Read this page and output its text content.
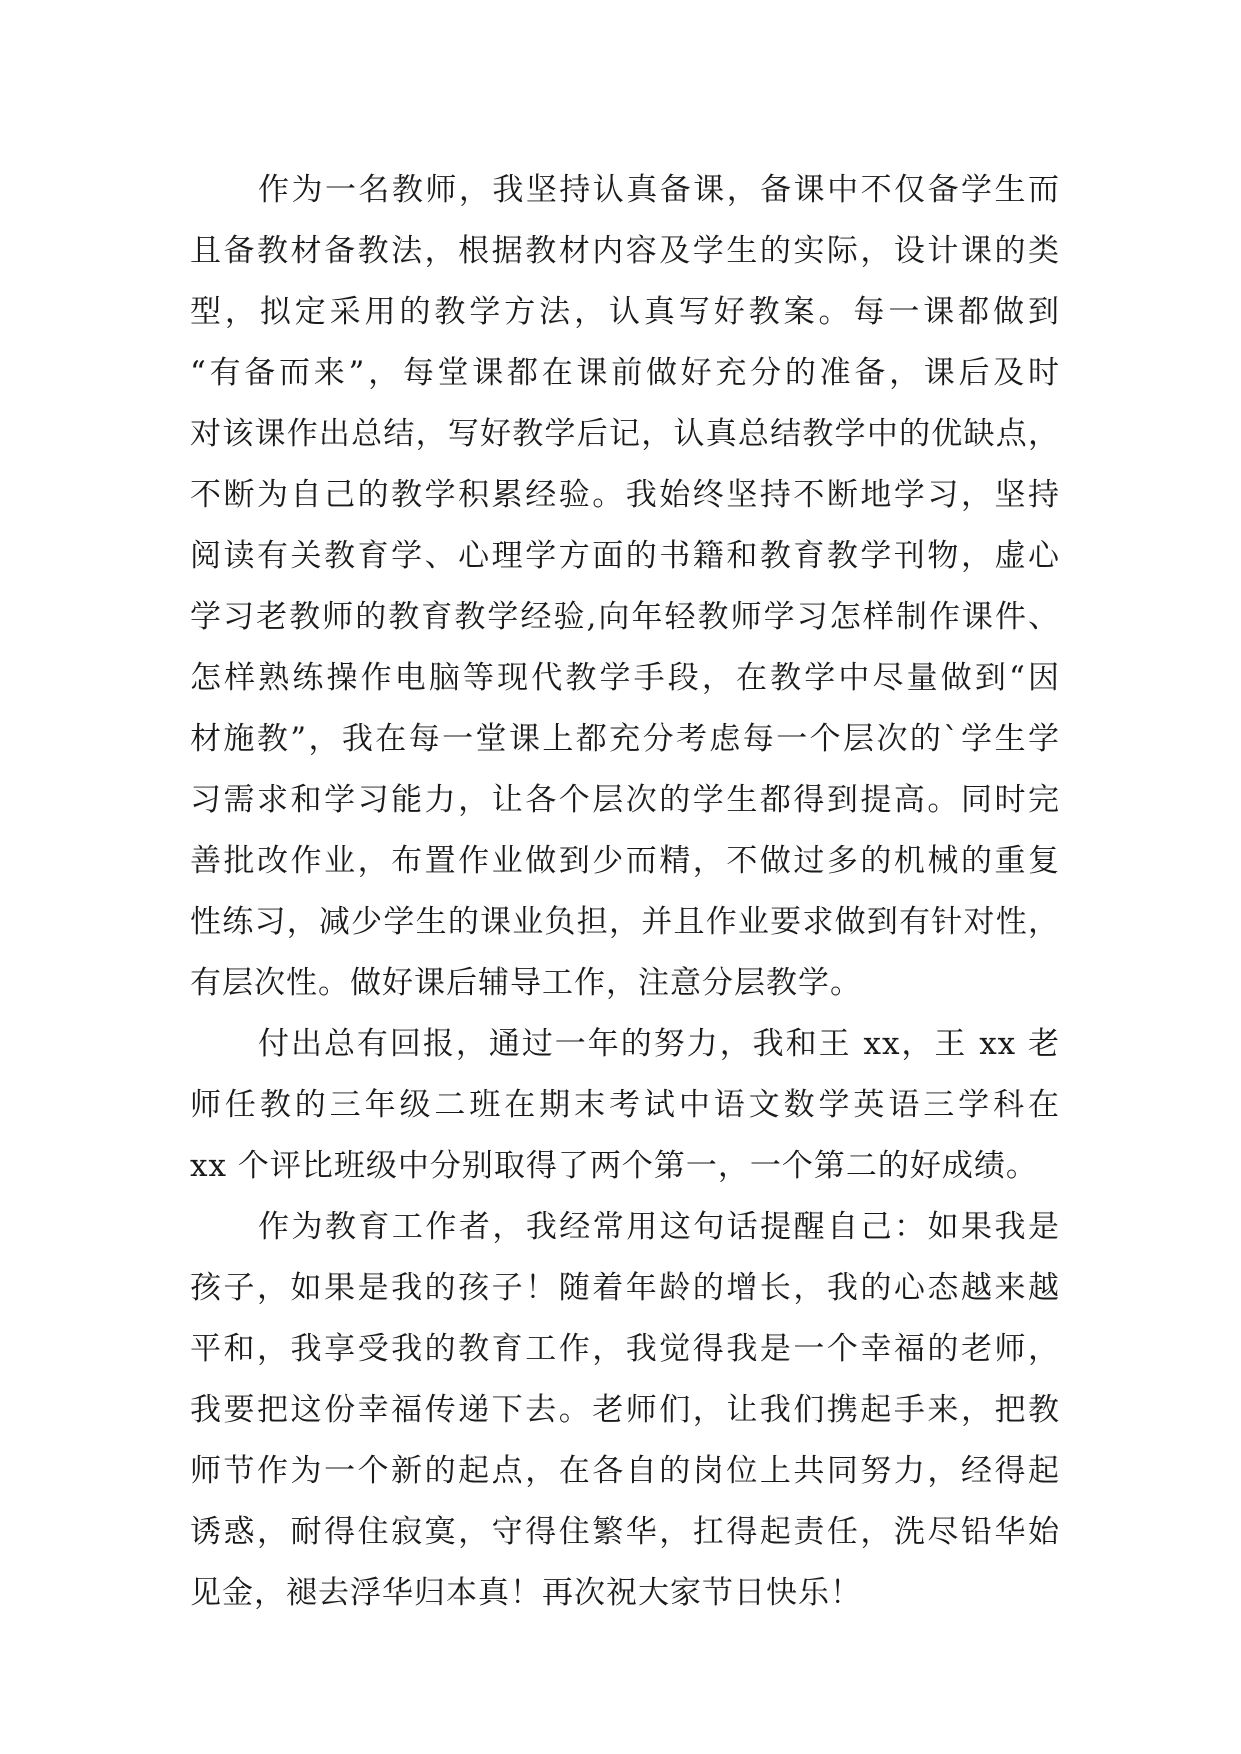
作为一名教师，我坚持认真备课，备课中不仅备学生而
且备教材备教法，根据教材内容及学生的实际，设计课的类
型，拟定采用的教学方法，认真写好教案。每一课都做到
“有备而来”，每堂课都在课前做好充分的准备，课后及时
对该课作出总结，写好教学后记，认真总结教学中的优缺点，
不断为自己的教学积累经验。我始终坚持不断地学习，坚持
阅读有关教育学、心理学方面的书籍和教育教学刊物，虚心
学习老教师的教育教学经验,向年轻教师学习怎样制作课件、
怎样熟练操作电脑等现代教学手段，在教学中尽量做到“因
材施教”，我在每一堂课上都充分考虑每一个层次的`学生学
习需求和学习能力，让各个层次的学生都得到提高。同时完
善批改作业，布置作业做到少而精，不做过多的机械的重复
性练习，减少学生的课业负担，并且作业要求做到有针对性，
有层次性。做好课后辅导工作，注意分层教学。
付出总有回报，通过一年的努力，我和王 xx，王 xx 老
师任教的三年级二班在期末考试中语文数学英语三学科在
xx 个评比班级中分别取得了两个第一，一个第二的好成绩。
作为教育工作者，我经常用这句话提醒自己：如果我是
孩子，如果是我的孩子！随着年龄的增长，我的心态越来越
平和，我享受我的教育工作，我觉得我是一个幸福的老师，
我要把这份幸福传递下去。老师们，让我们携起手来，把教
师节作为一个新的起点，在各自的岗位上共同努力，经得起
诱惑，耐得住寂寞，守得住繁华，扛得起责任，洗尽铅华始
见金，褪去浮华归本真！再次祝大家节日快乐！
